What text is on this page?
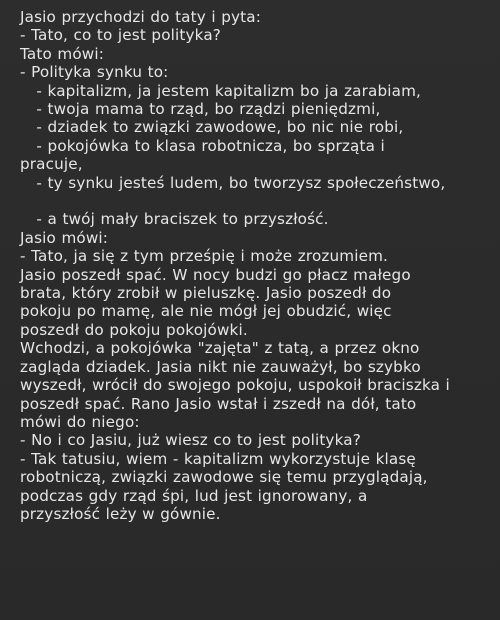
Jasio przychodzi do taty i pyta:
- Tato, co to jest polityka?
Tato mówi:
- Polityka synku to:
- kapitalizm, ja jestem kapitalizm bo ja zarabiam,
- twoja mama to rząd, bo rządzi pieniędzmi,
- dziadek to związki zawodowe, bo nic nie robi,
- pokojówka to klasa robotnicza, bo sprząta i
pracuje,
- ty synku jesteś ludem, bo tworzysz społeczeństwo,
- a twój mały braciszek to przyszłość.
Jasio mówi:
- Tato, ja się z tym prześpię i może zrozumiem.
Jasio poszedł spać. W nocy budzi go płacz małego
brata, który zrobił w pieluszkę. Jasio poszedł do
pokoju po mamę, ale nie mógł jej obudzić, więc
poszedł do pokoju pokojówki.
Wchodzi, a pokojówka "zajęta" z tatą, a przez okno
zagląda dziadek. Jasia nikt nie zauważył, bo szybko
wyszedł, wrócił do swojego pokoju, uspokoił braciszka i
poszedł spać. Rano Jasio wstał i zszedł na dół, tato
mówi do niego:
- No i co Jasiu, już wiesz co to jest polityka?
- Tak tatusiu, wiem - kapitalizm wykorzystuje klasę
robotniczą, związki zawodowe się temu przyglądają,
podczas gdy rząd śpi, lud jest ignorowany, a
przyszłość leży w gównie.
